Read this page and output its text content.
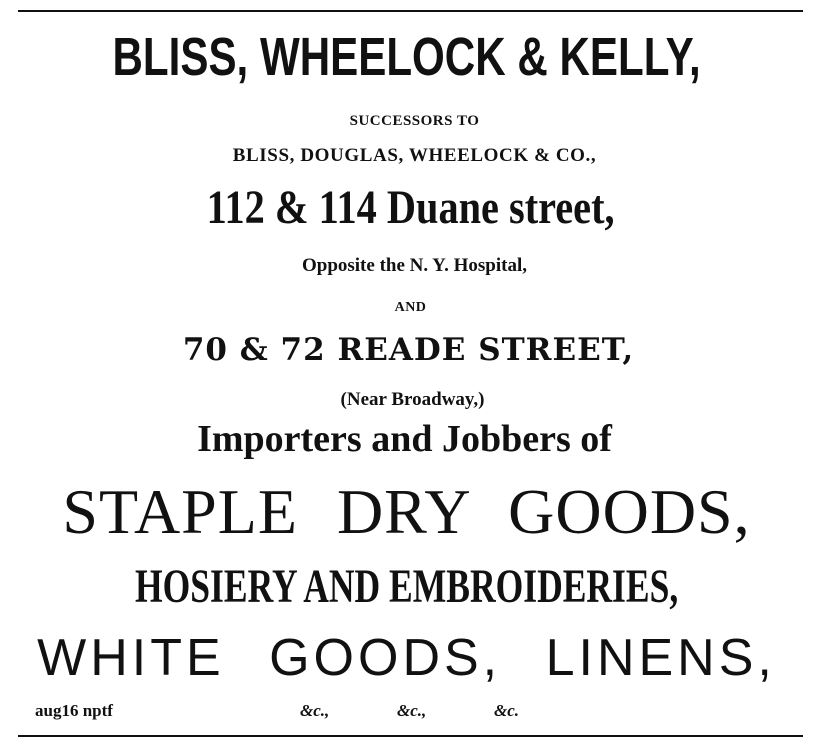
BLISS, WHEELOCK & KELLY,
SUCCESSORS TO
BLISS, DOUGLAS, WHEELOCK & CO.,
112 & 114 Duane street,
Opposite the N. Y. Hospital,
AND
70 & 72 READE STREET,
(Near Broadway,)
Importers and Jobbers of
STAPLE DRY GOODS,
HOSIERY AND EMBROIDERIES,
WHITE GOODS, LINENS,
aug16 nptf	&c.,	&c.,	&c.
